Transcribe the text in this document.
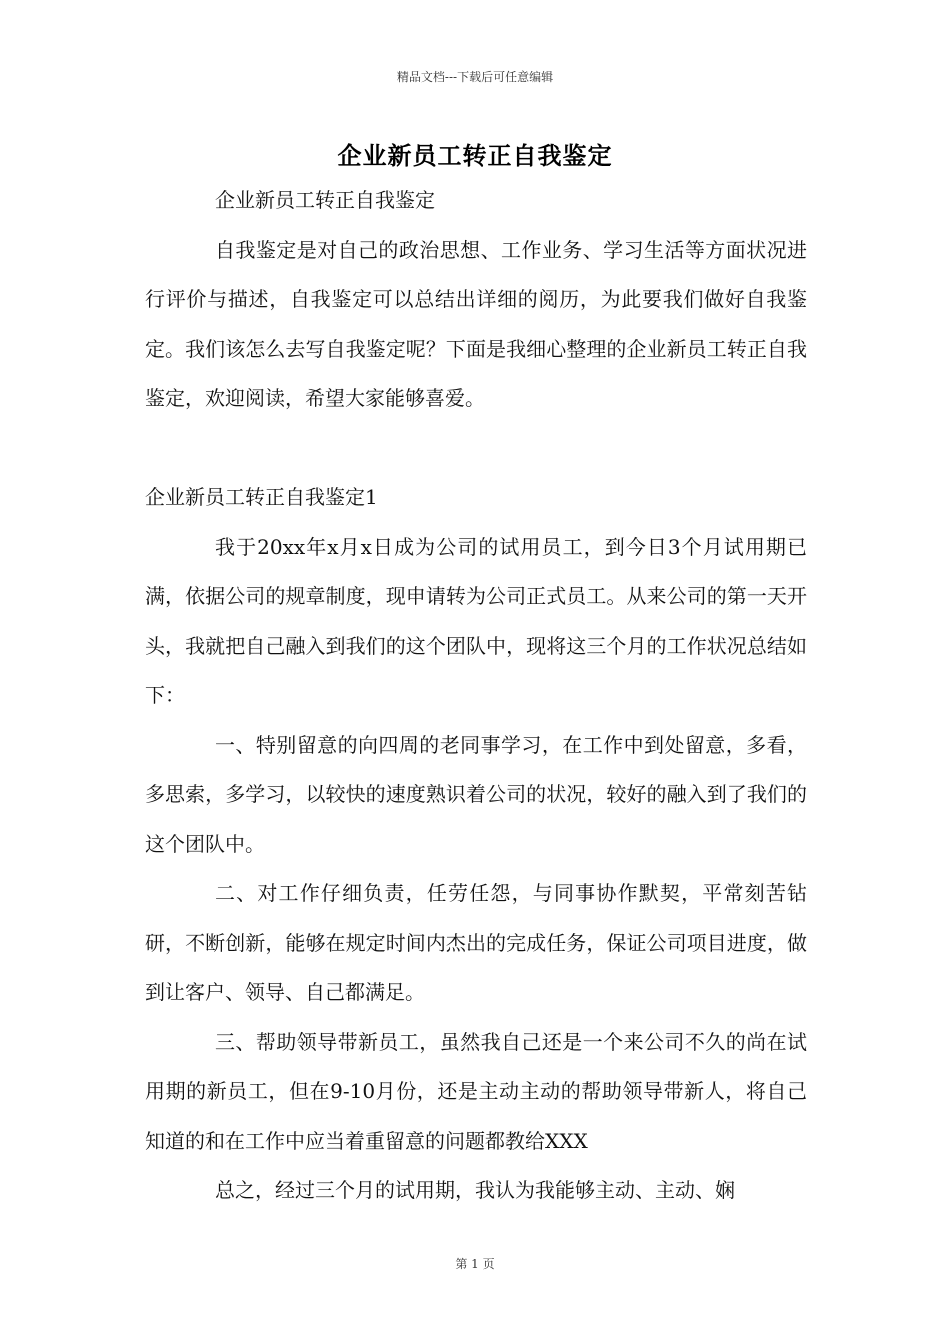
精品文档---下载后可任意编辑
企业新员工转正自我鉴定

企业新员工转正自我鉴定

自我鉴定是对自己的政治思想、工作业务、学习生活等方面状况进行评价与描述，自我鉴定可以总结出详细的阅历，为此要我们做好自我鉴定。我们该怎么去写自我鉴定呢？下面是我细心整理的企业新员工转正自我鉴定，欢迎阅读，希望大家能够喜爱。

企业新员工转正自我鉴定1

我于20xx年x月x日成为公司的试用员工，到今日3个月试用期已满，依据公司的规章制度，现申请转为公司正式员工。从来公司的第一天开头，我就把自己融入到我们的这个团队中，现将这三个月的工作状况总结如下：

一、特别留意的向四周的老同事学习，在工作中到处留意，多看，多思索，多学习，以较快的速度熟识着公司的状况，较好的融入到了我们的这个团队中。

二、对工作仔细负责，任劳任怨，与同事协作默契，平常刻苦钻研，不断创新，能够在规定时间内杰出的完成任务，保证公司项目进度，做到让客户、领导、自己都满足。

三、帮助领导带新员工，虽然我自己还是一个来公司不久的尚在试用期的新员工，但在9-10月份，还是主动主动的帮助领导带新人，将自己知道的和在工作中应当着重留意的问题都教给XXX

总之，经过三个月的试用期，我认为我能够主动、主动、娴

第 1 页
